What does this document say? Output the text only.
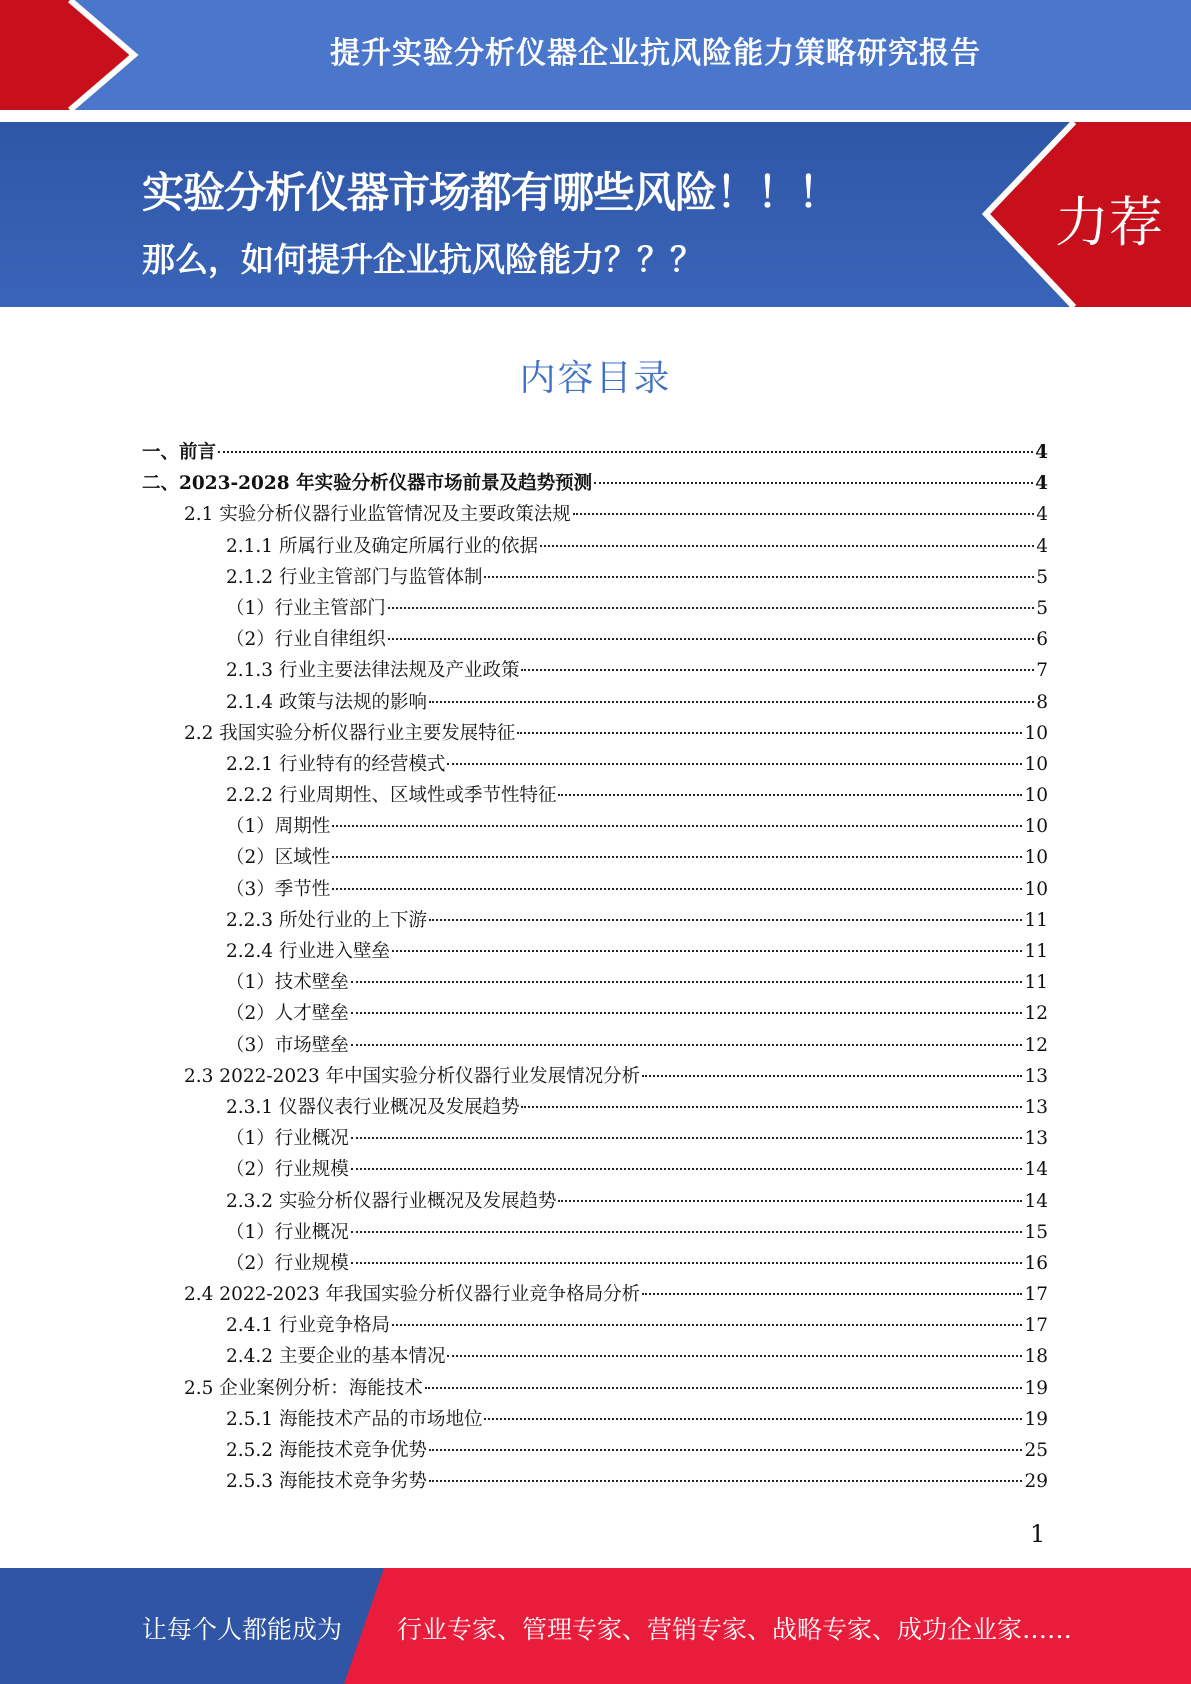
提升实验分析仪器企业抗风险能力策略研究报告
实验分析仪器市场都有哪些风险！！！
那么，如何提升企业抗风险能力？？？
力荐
内容目录
一、前言	4
二、2023-2028 年实验分析仪器市场前景及趋势预测	4
2.1 实验分析仪器行业监管情况及主要政策法规	4
2.1.1 所属行业及确定所属行业的依据	4
2.1.2 行业主管部门与监管体制	5
（1）行业主管部门	5
（2）行业自律组织	6
2.1.3 行业主要法律法规及产业政策	7
2.1.4 政策与法规的影响	8
2.2 我国实验分析仪器行业主要发展特征	10
2.2.1 行业特有的经营模式	10
2.2.2 行业周期性、区域性或季节性特征	10
（1）周期性	10
（2）区域性	10
（3）季节性	10
2.2.3 所处行业的上下游	11
2.2.4 行业进入壁垒	11
（1）技术壁垒	11
（2）人才壁垒	12
（3）市场壁垒	12
2.3 2022-2023 年中国实验分析仪器行业发展情况分析	13
2.3.1 仪器仪表行业概况及发展趋势	13
（1）行业概况	13
（2）行业规模	14
2.3.2 实验分析仪器行业概况及发展趋势	14
（1）行业概况	15
（2）行业规模	16
2.4 2022-2023 年我国实验分析仪器行业竞争格局分析	17
2.4.1 行业竞争格局	17
2.4.2 主要企业的基本情况	18
2.5 企业案例分析：海能技术	19
2.5.1 海能技术产品的市场地位	19
2.5.2 海能技术竞争优势	25
2.5.3 海能技术竞争劣势	29
1
让每个人都能成为 行业专家、管理专家、营销专家、战略专家、成功企业家……
